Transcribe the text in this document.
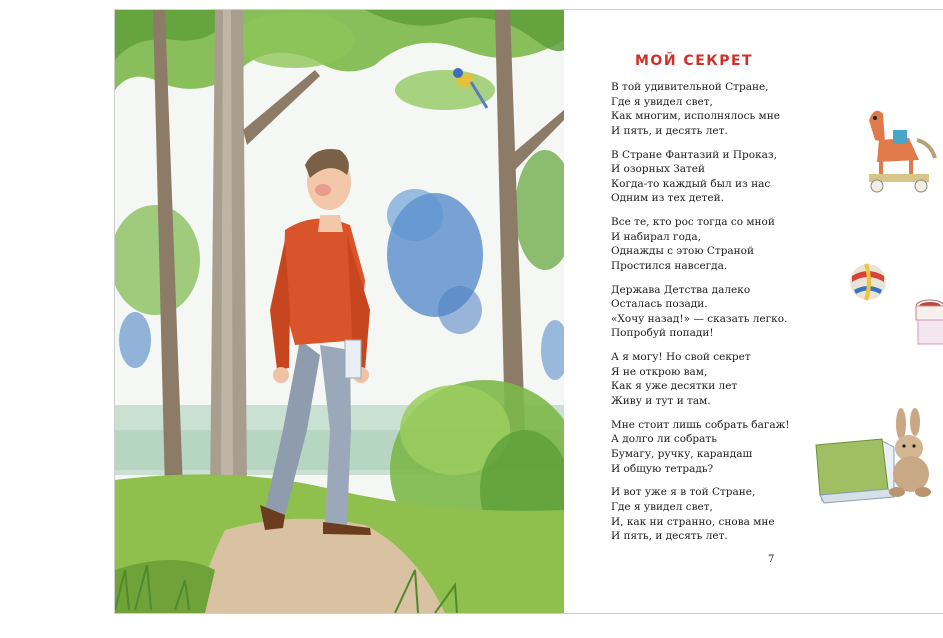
МОЙ СЕКРЕТ
В той удивительной Стране,
Где я увидел свет,
Как многим, исполнялось мне
И пять, и десять лет.
В Стране Фантазий и Проказ,
И озорных Затей
Когда-то каждый был из нас
Одним из тех детей.
Все те, кто рос тогда со мной
И набирал года,
Однажды с этою Страной
Простился навсегда.
Держава Детства далеко
Осталась позади.
«Хочу назад!» — сказать легко.
Попробуй попади!
А я могу! Но свой секрет
Я не открою вам,
Как я уже десятки лет
Живу и тут и там.
Мне стоит лишь собрать багаж!
А долго ли собрать
Бумагу, ручку, карандаш
И общую тетрадь?
И вот уже я в той Стране,
Где я увидел свет,
И, как ни странно, снова мне
И пять, и десять лет.
7
